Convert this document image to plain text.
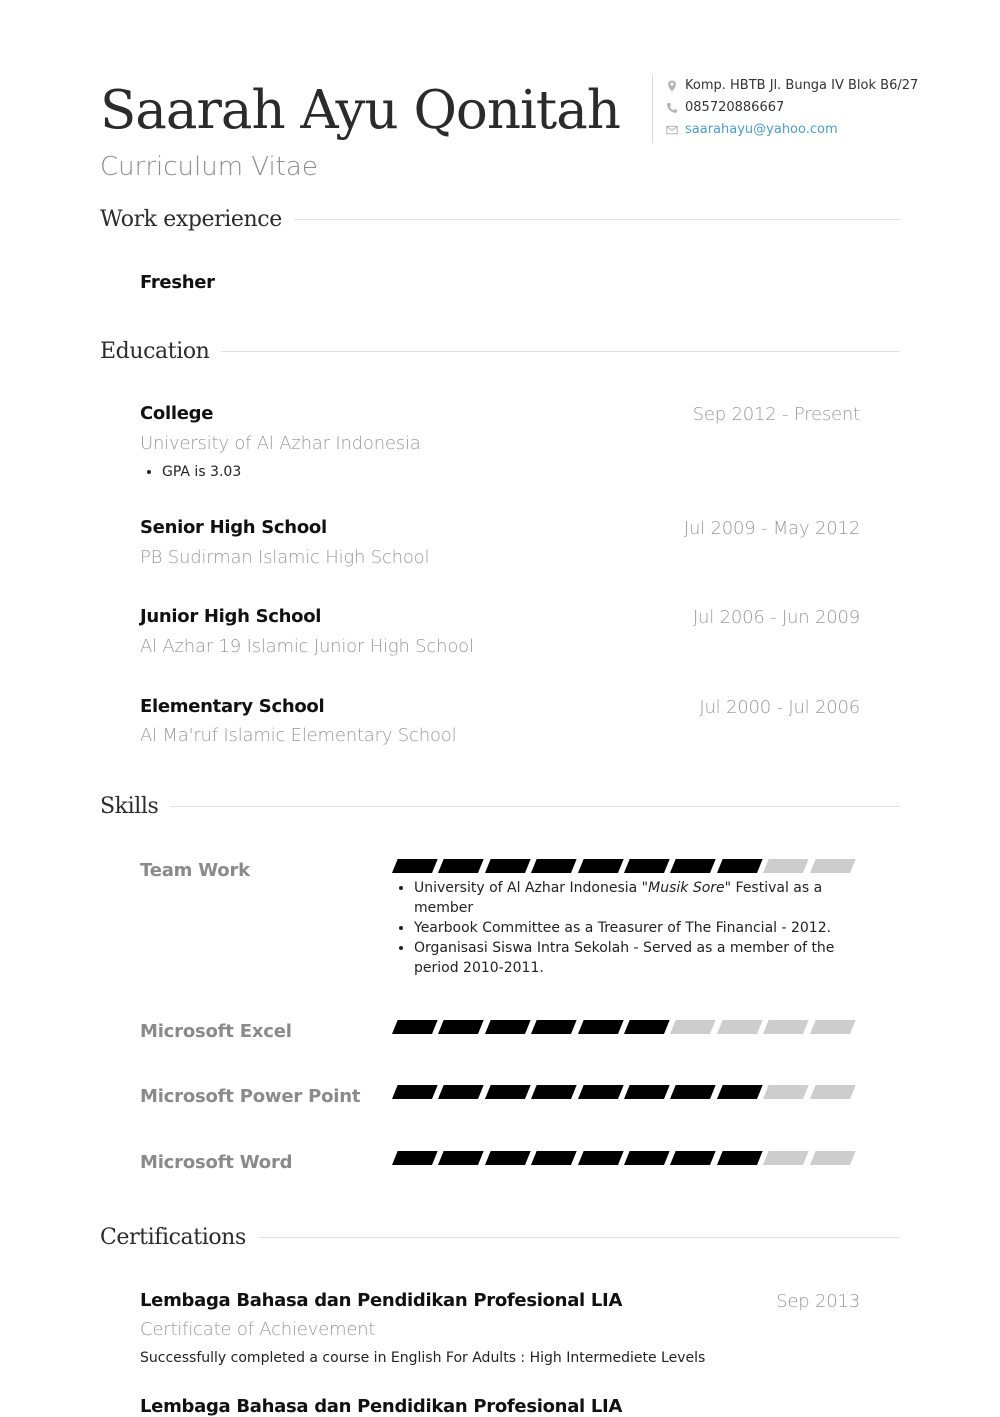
Saarah Ayu Qonitah
Curriculum Vitae
Komp. HBTB Jl. Bunga IV Blok B6/27
085720886667
saarahayu@yahoo.com
Work experience
Fresher
Education
College	Sep 2012 - Present
University of Al Azhar Indonesia
• GPA is 3.03
Senior High School	Jul 2009 - May 2012
PB Sudirman Islamic High School
Junior High School	Jul 2006 - Jun 2009
Al Azhar 19 Islamic Junior High School
Elementary School	Jul 2000 - Jul 2006
Al Ma'ruf Islamic Elementary School
Skills
Team Work
• University of Al Azhar Indonesia "Musik Sore" Festival as a member
• Yearbook Committee as a Treasurer of The Financial - 2012.
• Organisasi Siswa Intra Sekolah - Served as a member of the period 2010-2011.
Microsoft Excel
Microsoft Power Point
Microsoft Word
Certifications
Lembaga Bahasa dan Pendidikan Profesional LIA	Sep 2013
Certificate of Achievement
Successfully completed a course in English For Adults : High Intermediete Levels
Lembaga Bahasa dan Pendidikan Profesional LIA
